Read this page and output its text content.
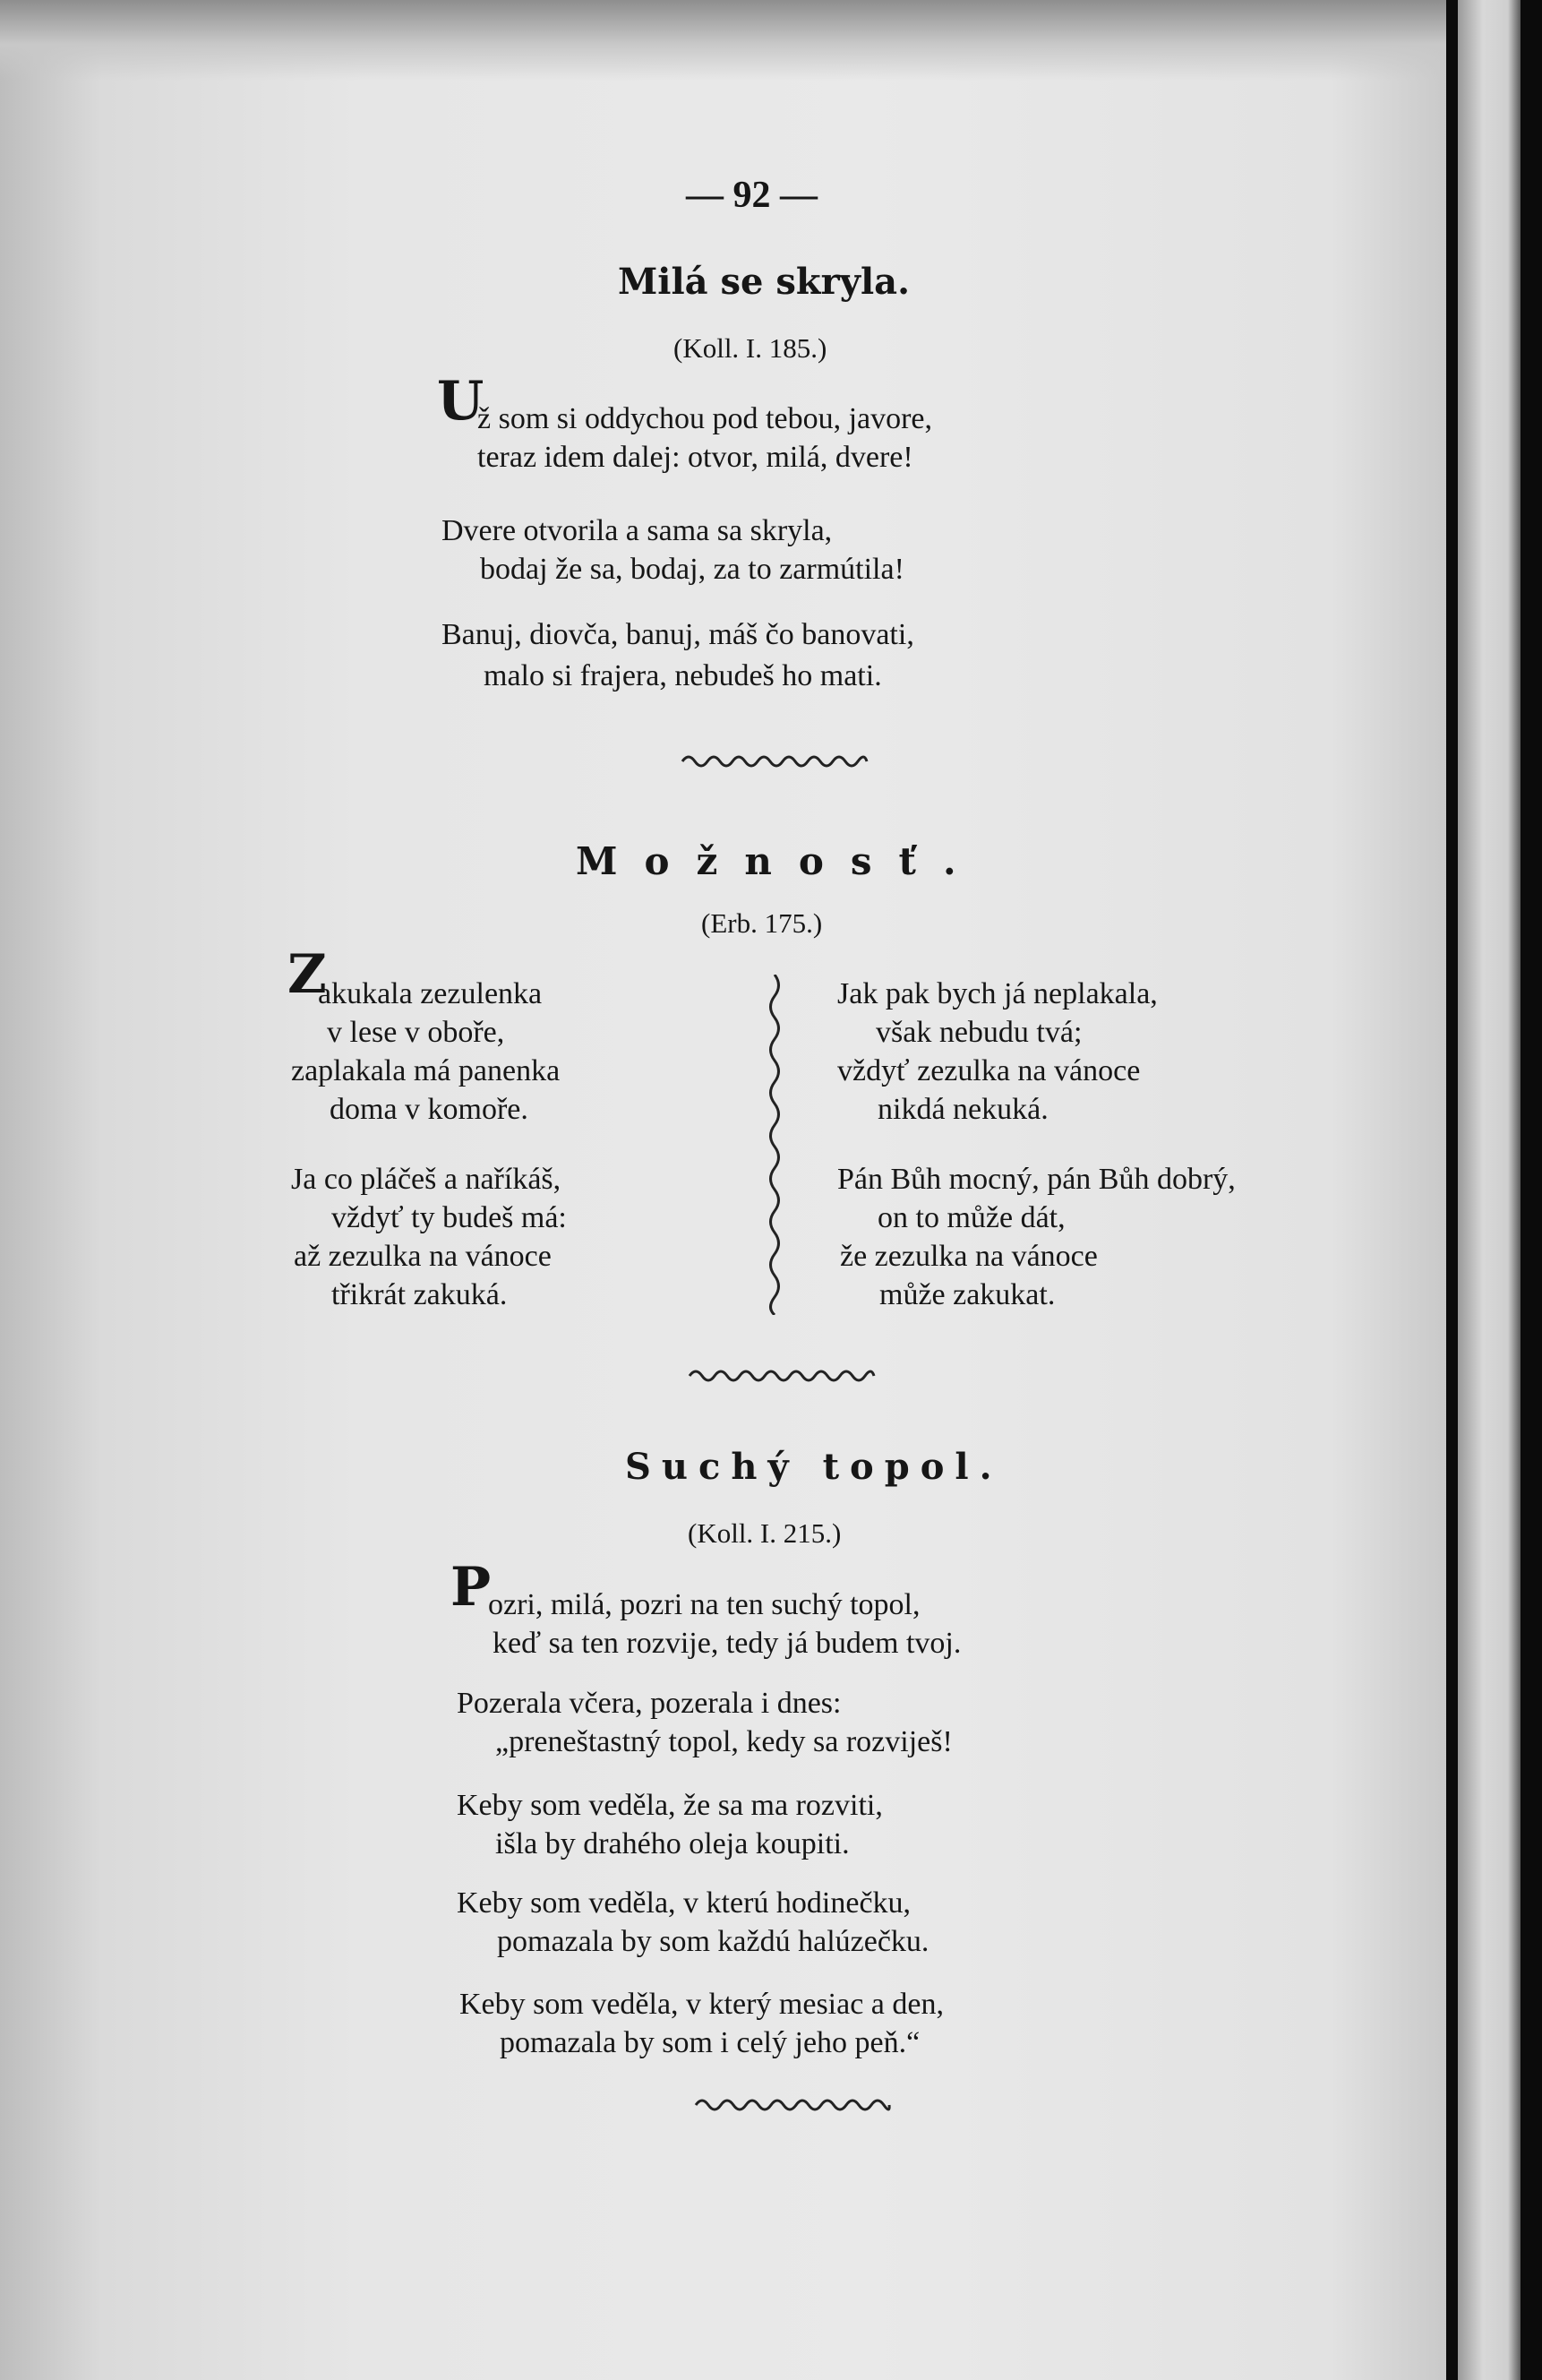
— 92 —
Milá se skryla.
(Koll. I. 185.)
U
ž som si oddychou pod tebou, javore,
teraz idem dalej: otvor, milá, dvere!
Dvere otvorila a sama sa skryla,
bodaj že sa, bodaj, za to zarmútila!
Banuj, diovča, banuj, máš čo banovati,
malo si frajera, nebudeš ho mati.
Možnosť.
(Erb. 175.)
Z
akukala zezulenka
v lese v oboře,
zaplakala má panenka
doma v komoře.
Ja co pláčeš a naříkáš,
vždyť ty budeš má:
až zezulka na vánoce
třikrát zakuká.
Jak pak bych já neplakala,
však nebudu tvá;
vždyť zezulka na vánoce
nikdá nekuká.
Pán Bůh mocný, pán Bůh dobrý,
on to může dát,
že zezulka na vánoce
může zakukat.
Suchý topol.
(Koll. I. 215.)
P
ozri, milá, pozri na ten suchý topol,
keď sa ten rozvije, tedy já budem tvoj.
Pozerala včera, pozerala i dnes:
„preneštastný topol, kedy sa rozviješ!
Keby som veděla, že sa ma rozviti,
išla by drahého oleja koupiti.
Keby som veděla, v kterú hodinečku,
pomazala by som každú halúzečku.
Keby som veděla, v který mesiac a den,
pomazala by som i celý jeho peň.“
